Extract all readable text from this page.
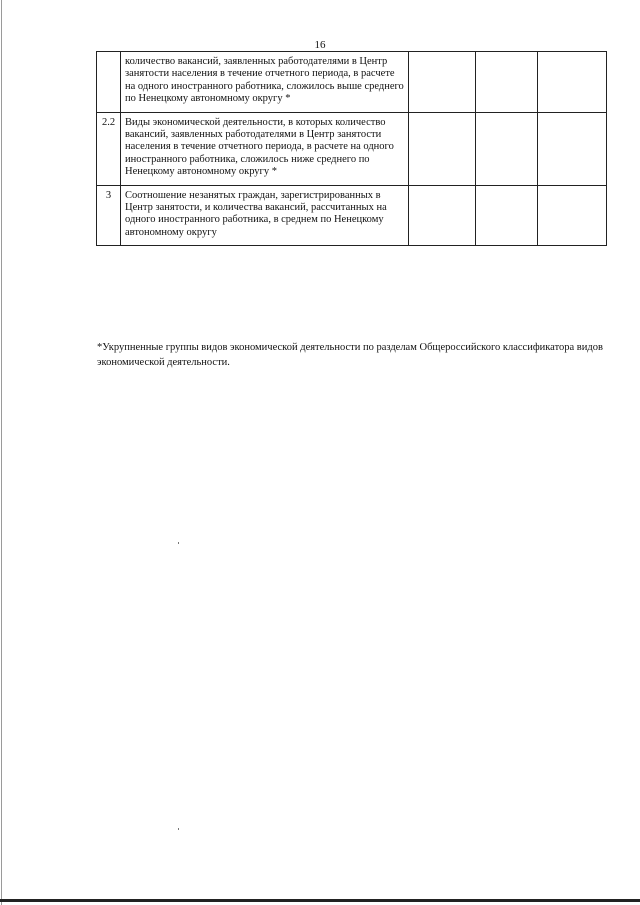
16
	количество вакансий, заявленных работодателями в Центр занятости населения в течение отчетного периода, в расчете на одного иностранного работника, сложилось выше среднего по Ненецкому автономному округу *			
2.2	Виды экономической деятельности, в которых количество вакансий, заявленных работодателями в Центр занятости населения в течение отчетного периода, в расчете на одного иностранного работника, сложилось ниже среднего по Ненецкому автономному округу *			
3	Соотношение незанятых граждан, зарегистрированных в Центр занятости, и количества вакансий, рассчитанных на одного иностранного работника, в среднем по Ненецкому автономному округу			
*Укрупненные группы видов экономической деятельности по разделам Общероссийского классификатора видов экономической деятельности.
